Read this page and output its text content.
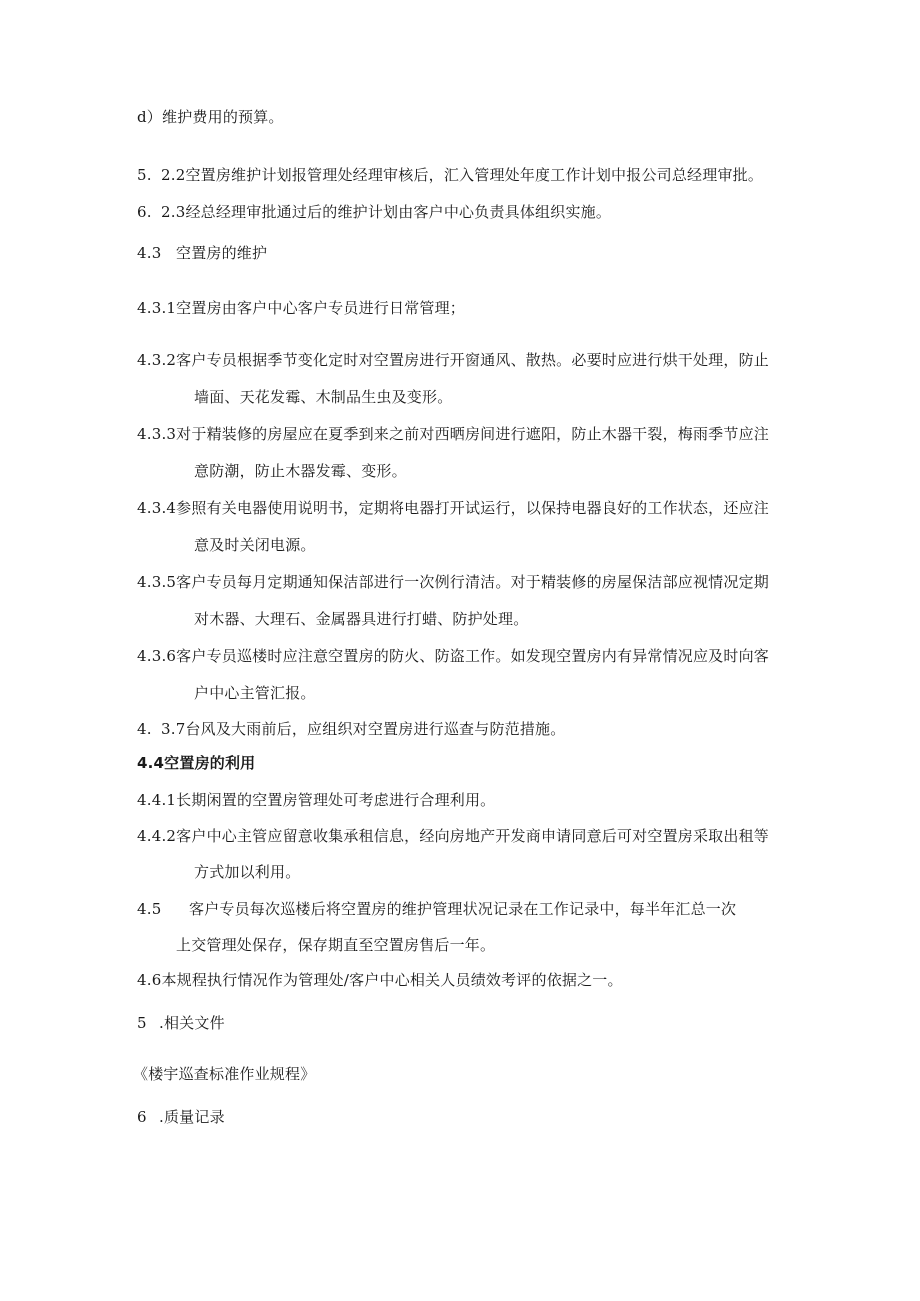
d）维护费用的预算。
5. 2.2空置房维护计划报管理处经理审核后，汇入管理处年度工作计划中报公司总经理审批。
6. 2.3经总经理审批通过后的维护计划由客户中心负责具体组织实施。
4.3 空置房的维护
4.3.1空置房由客户中心客户专员进行日常管理；
4.3.2客户专员根据季节变化定时对空置房进行开窗通风、散热。必要时应进行烘干处理，防止
墙面、天花发霉、木制品生虫及变形。
4.3.3对于精装修的房屋应在夏季到来之前对西晒房间进行遮阳，防止木器干裂，梅雨季节应注
意防潮，防止木器发霉、变形。
4.3.4参照有关电器使用说明书，定期将电器打开试运行，以保持电器良好的工作状态，还应注
意及时关闭电源。
4.3.5客户专员每月定期通知保洁部进行一次例行清洁。对于精装修的房屋保洁部应视情况定期
对木器、大理石、金属器具进行打蜡、防护处理。
4.3.6客户专员巡楼时应注意空置房的防火、防盗工作。如发现空置房内有异常情况应及时向客
户中心主管汇报。
4. 3.7台风及大雨前后，应组织对空置房进行巡查与防范措施。
4.4空置房的利用
4.4.1长期闲置的空置房管理处可考虑进行合理利用。
4.4.2客户中心主管应留意收集承租信息，经向房地产开发商申请同意后可对空置房采取出租等
方式加以利用。
4.5 客户专员每次巡楼后将空置房的维护管理状况记录在工作记录中，每半年汇总一次
上交管理处保存，保存期直至空置房售后一年。
4.6本规程执行情况作为管理处/客户中心相关人员绩效考评的依据之一。
5 .相关文件
《楼宇巡查标准作业规程》
6 .质量记录
